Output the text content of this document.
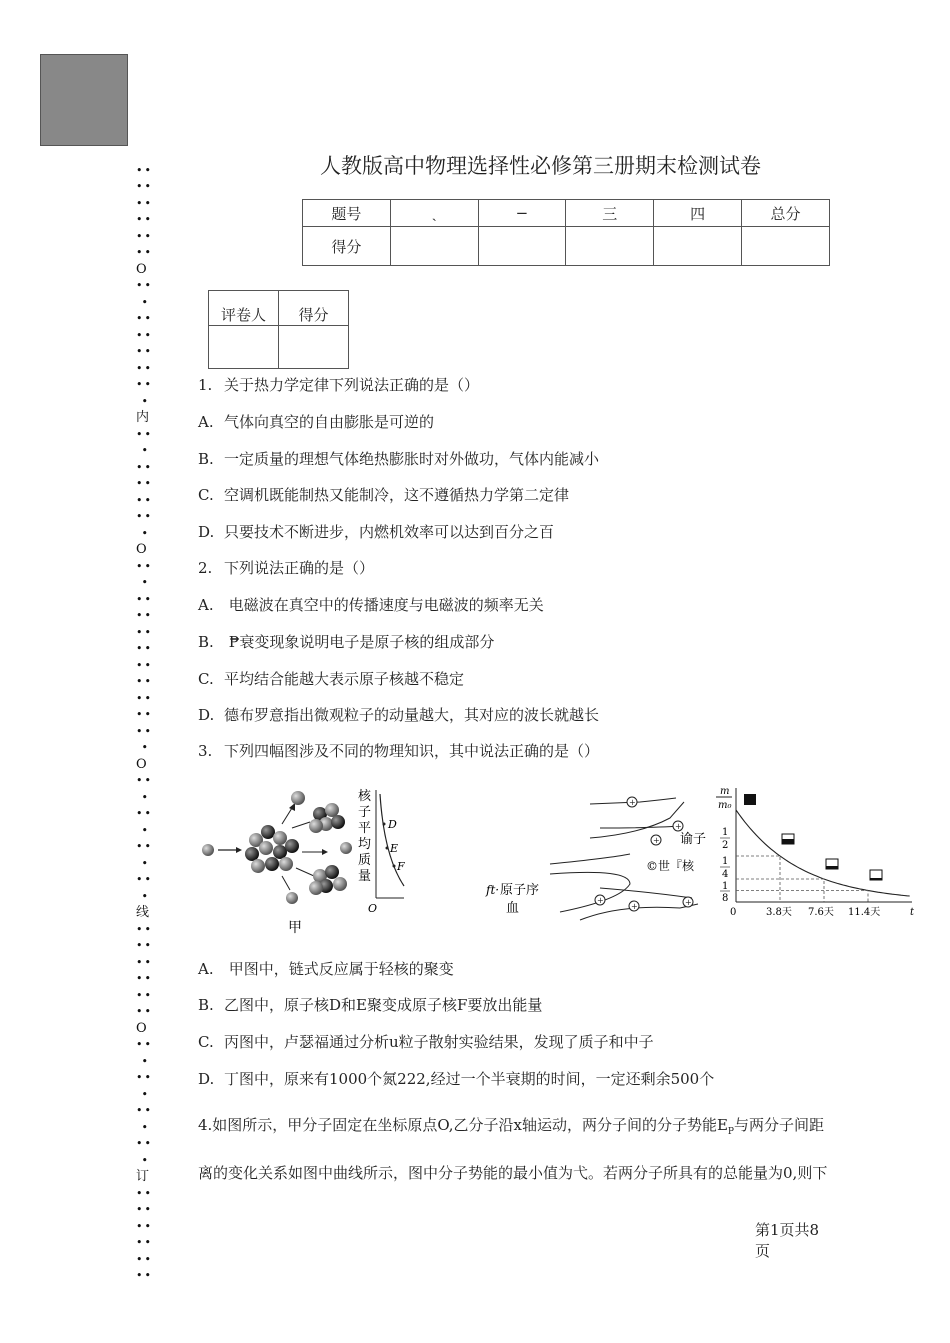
••
••
••
••
••
••
O
••
•
••
••
••
••
••
•
内
••
•
••
••
••
••
•
O
••
•
••
••
••
••
••
••
••
••
••
•
O
••
•
••
•
••
•
••
•
线
••
••
••
••
••
••
O
••
•
••
•
••
•
••
•
订
••
••
••
••
••
••

人教版高中物理选择性必修第三册期末检测试卷
题号	ˏ	−	三	四	总分
得分					
评卷人	得分

1. 关于热力学定律下列说法正确的是（）
A. 气体向真空的自由膨胀是可逆的
B. 一定质量的理想气体绝热膨胀时对外做功，气体内能减小
C. 空调机既能制热又能制冷，这不遵循热力学第二定律
D. 只要技术不断进步，内燃机效率可以达到百分之百
2. 下列说法正确的是（）
A. 电磁波在真空中的传播速度与电磁波的频率无关
B. ₱衰变现象说明电子是原子核的组成部分
C. 平均结合能越大表示原子核越不稳定
D. 德布罗意指出微观粒子的动量越大，其对应的波长就越长
3. 下列四幅图涉及不同的物理知识，其中说法正确的是（）
甲
核
子
平
均
质
量
D
E
F
O
+
+
+
+
+	+
谕子
©世『核
ft· 原子序
血
m
m₀
1
2
1
4
1
8
0	3.8天 7.6天 11.4天	t
A. 甲图中，链式反应属于轻核的聚变
B. 乙图中，原子核D和E聚变成原子核F要放出能量
C. 丙图中，卢瑟福通过分析u粒子散射实验结果，发现了质子和中子
D. 丁图中，原来有1000个氮222,经过一个半衰期的时间，一定还剩余500个
4.如图所示，甲分子固定在坐标原点O,乙分子沿x轴运动，两分子间的分子势能$E_P$与两分子间距
离的变化关系如图中曲线所示，图中分子势能的最小值为弋。若两分子所具有的总能量为0,则下
第1页共8
页
